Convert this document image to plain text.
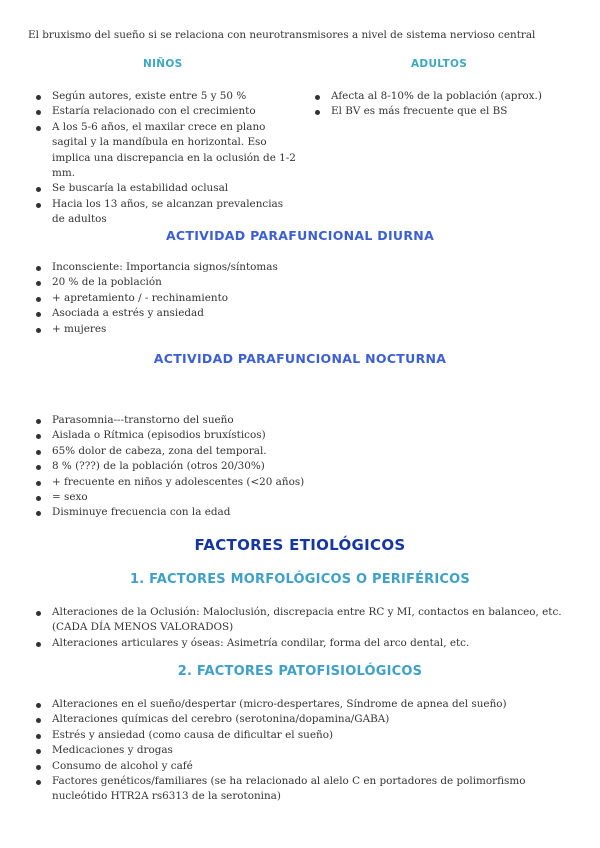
El bruxismo del sueño si se relaciona con neurotransmisores a nivel de sistema nervioso central

NIÑOS
Según autores, existe entre 5 y 50 %
Estaría relacionado con el crecimiento
A los 5-6 años, el maxilar crece en plano sagital y la mandíbula en horizontal. Eso implica una discrepancia en la oclusión de 1-2 mm.
Se buscaría la estabilidad oclusal
Hacia los 13 años, se alcanzan prevalencias de adultos
ADULTOS
Afecta al 8-10% de la población (aprox.)
El BV es más frecuente que el BS
ACTIVIDAD PARAFUNCIONAL DIURNA
Inconsciente: Importancia signos/síntomas
20 % de la población
+ apretamiento / - rechinamiento
Asociada a estrés y ansiedad
+ mujeres
ACTIVIDAD PARAFUNCIONAL NOCTURNA
Parasomnia---transtorno del sueño
Aislada o Rítmica (episodios bruxísticos)
65% dolor de cabeza, zona del temporal.
8 % (???) de la población (otros 20/30%)
+ frecuente en niños y adolescentes (<20 años)
= sexo
Disminuye frecuencia con la edad
FACTORES ETIOLÓGICOS
1. FACTORES MORFOLÓGICOS O PERIFÉRICOS
Alteraciones de la Oclusión: Maloclusión, discrepacia entre RC y MI, contactos en balanceo, etc. (CADA DÍA MENOS VALORADOS)
Alteraciones articulares y óseas: Asimetría condilar, forma del arco dental, etc.
2. FACTORES PATOFISIOLÓGICOS
Alteraciones en el sueño/despertar (micro-despertares, Síndrome de apnea del sueño)
Alteraciones químicas del cerebro (serotonina/dopamina/GABA)
Estrés y ansiedad (como causa de dificultar el sueño)
Medicaciones y drogas
Consumo de alcohol y café
Factores genéticos/familiares (se ha relacionado al alelo C en portadores de polimorfismo nucleótido HTR2A rs6313 de la serotonina)
